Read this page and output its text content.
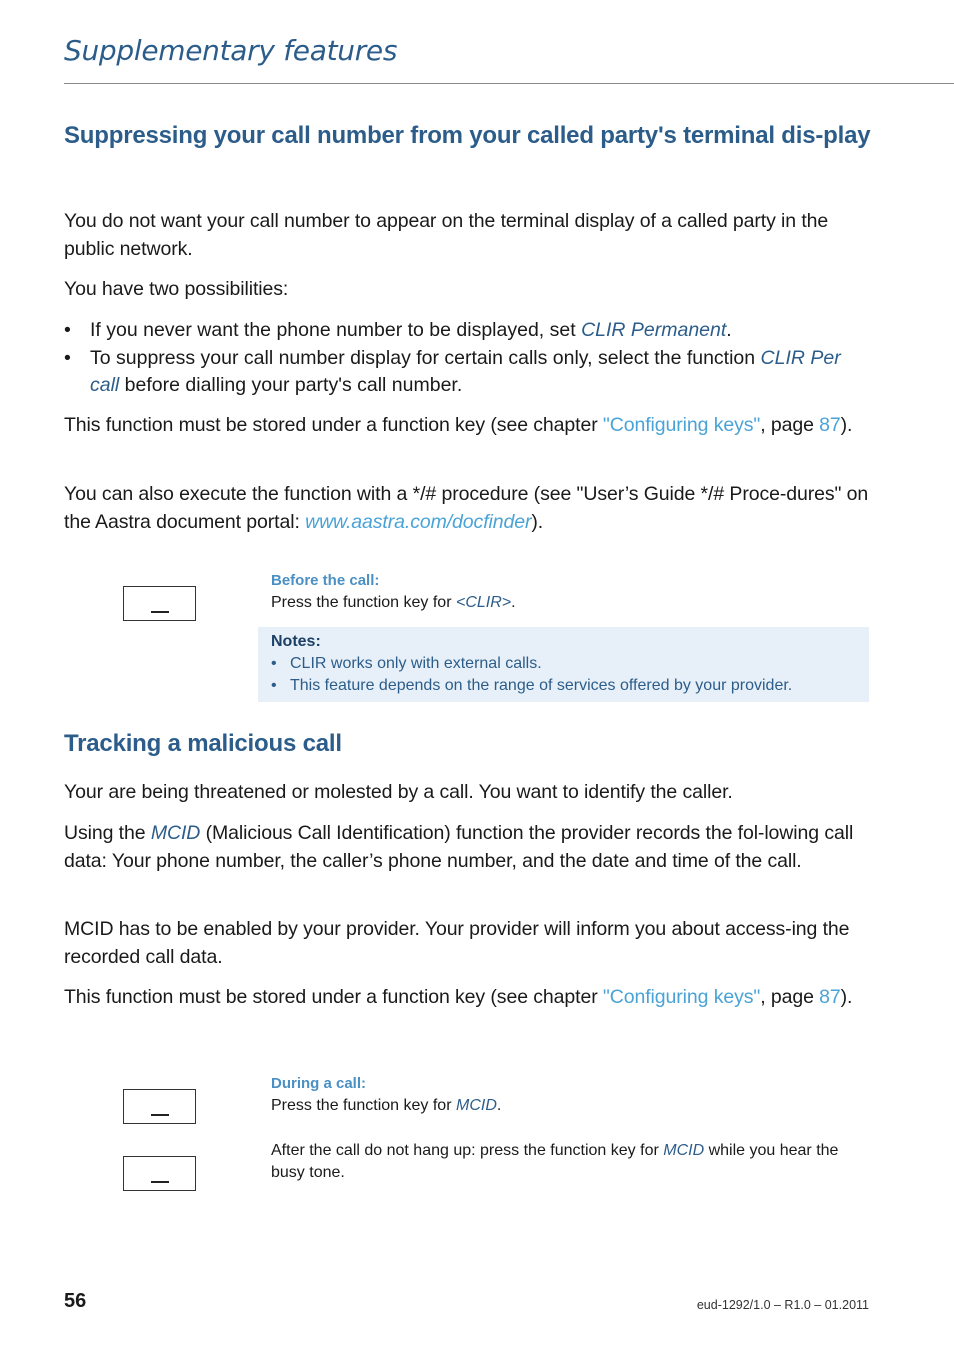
Supplementary features
Suppressing your call number from your called party's terminal dis-play

You do not want your call number to appear on the terminal display of a called party in the public network.

You have two possibilities:

• If you never want the phone number to be displayed, set CLIR Permanent.
• To suppress your call number display for certain calls only, select the function CLIR Per call before dialling your party's call number.

This function must be stored under a function key (see chapter "Configuring keys", page 87).

You can also execute the function with a */# procedure (see "User’s Guide */# Proce-dures" on the Aastra document portal: www.aastra.com/docfinder).

Before the call:
Press the function key for <CLIR>.
Notes:
• CLIR works only with external calls.
• This feature depends on the range of services offered by your provider.
Tracking a malicious call

Your are being threatened or molested by a call. You want to identify the caller.

Using the MCID (Malicious Call Identification) function the provider records the fol-lowing call data: Your phone number, the caller’s phone number, and the date and time of the call.

MCID has to be enabled by your provider. Your provider will inform you about access-ing the recorded call data.

This function must be stored under a function key (see chapter "Configuring keys", page 87).

During a call:
Press the function key for MCID.
After the call do not hang up: press the function key for MCID while you hear the busy tone.
56	eud-1292/1.0 – R1.0 – 01.2011
